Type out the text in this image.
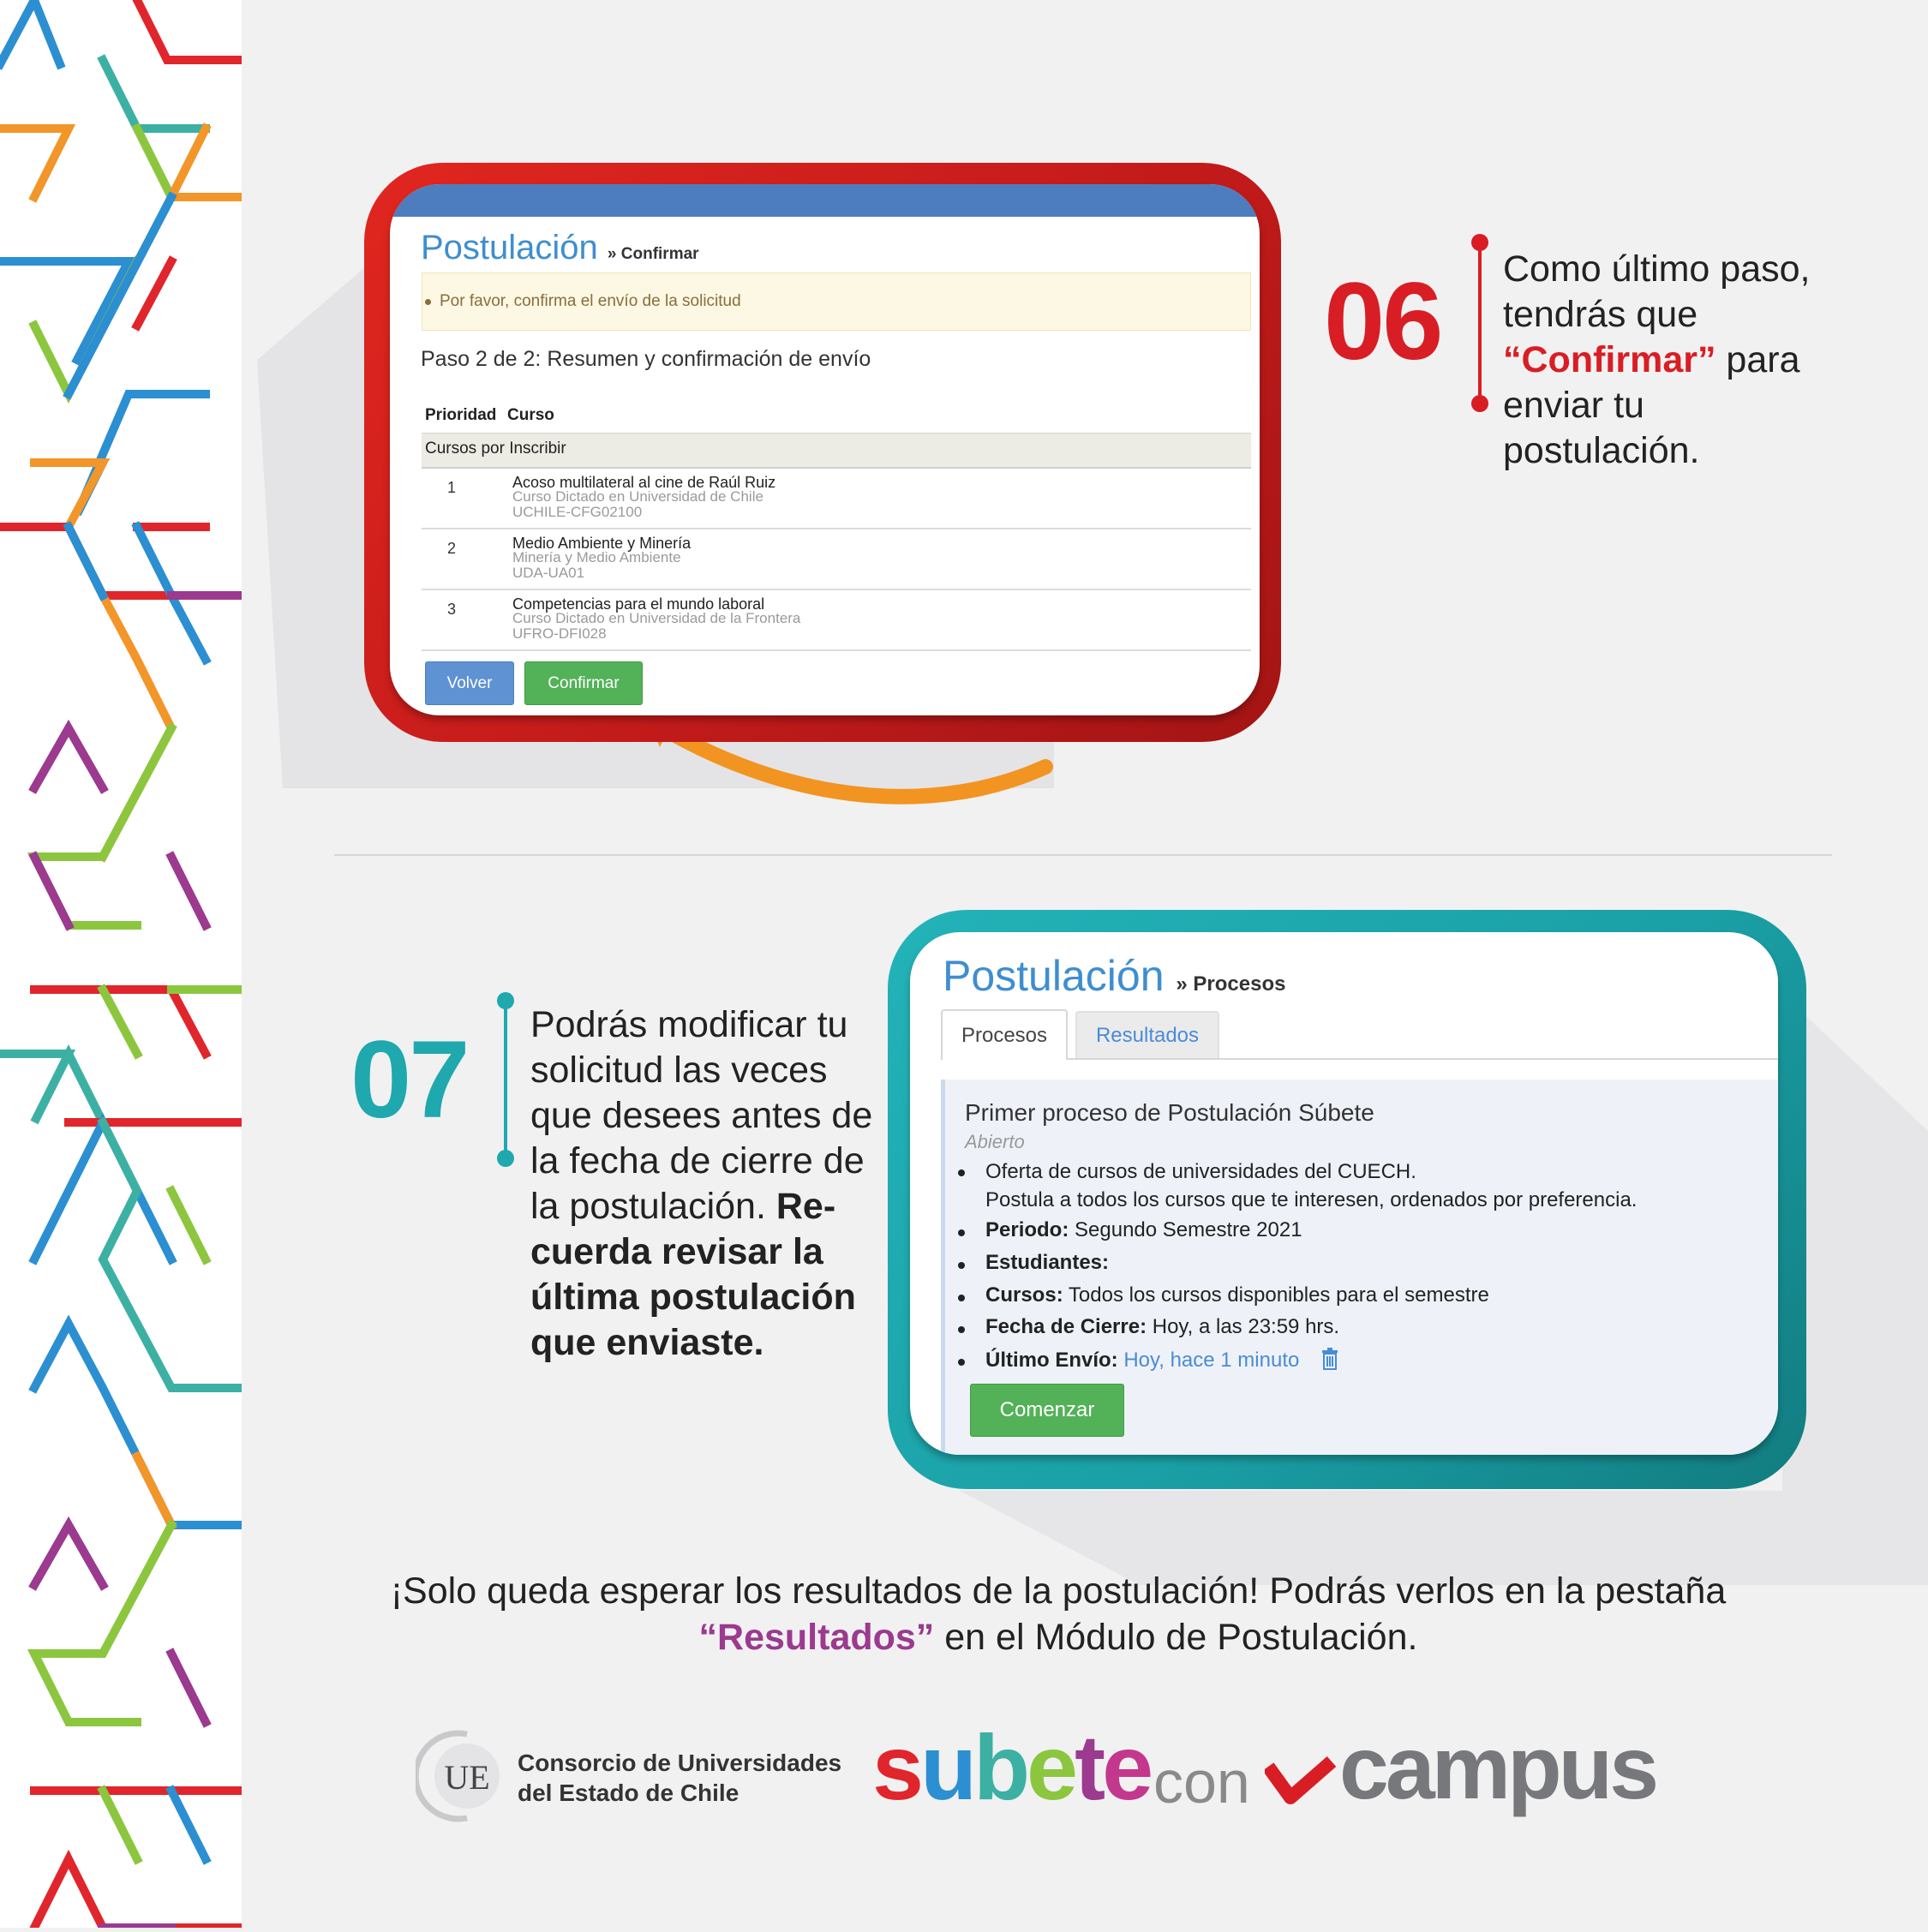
Postulación » Confirmar
Por favor, confirma el envío de la solicitud
Paso 2 de 2: Resumen y confirmación de envío
Prioridad Curso
Cursos por Inscribir
1	Acoso multilateral al cine de Raúl Ruiz
Curso Dictado en Universidad de Chile
UCHILE-CFG02100
2	Medio Ambiente y Minería
Minería y Medio Ambiente
UDA-UA01
3	Competencias para el mundo laboral
Curso Dictado en Universidad de la Frontera
UFRO-DFI028
Volver	Confirmar
06 Como último paso, tendrás que “Confirmar” para enviar tu postulación.
Postulación » Procesos
Procesos	Resultados
Primer proceso de Postulación Súbete
Abierto
Oferta de cursos de universidades del CUECH.
Postula a todos los cursos que te interesen, ordenados por preferencia.
Periodo: Segundo Semestre 2021
Estudiantes:
Cursos: Todos los cursos disponibles para el semestre
Fecha de Cierre: Hoy, a las 23:59 hrs.
Último Envío: Hoy, hace 1 minuto
Comenzar
07 Podrás modificar tu solicitud las veces que desees antes de la fecha de cierre de la postulación. Recuerda revisar la última postulación que enviaste.
¡Solo queda esperar los resultados de la postulación! Podrás verlos en la pestaña
“Resultados” en el Módulo de Postulación.
UE Consorcio de Universidades
del Estado de Chile	subete con campus
